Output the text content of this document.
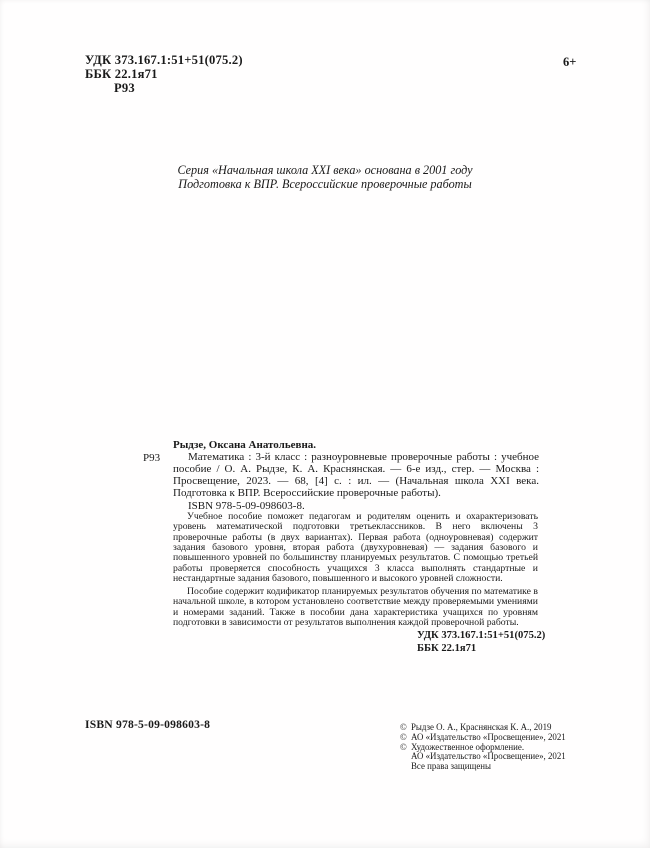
УДК 373.167.1:51+51(075.2)
ББК 22.1я71
Р93
6+
Серия «Начальная школа XXI века» основана в 2001 году
Подготовка к ВПР. Всероссийские проверочные работы
Рыдзе, Оксана Анатольевна.
Р93	Математика : 3-й класс : разноуровневые проверочные работы : учебное пособие / О. А. Рыдзе, К. А. Краснянская. — 6-е изд., стер. — Москва : Просвещение, 2023. — 68, [4] с. : ил. — (Начальная школа XXI века. Подготовка к ВПР. Всероссийские проверочные работы).

ISBN 978-5-09-098603-8.

Учебное пособие поможет педагогам и родителям оценить и охарактеризовать уровень математической подготовки третьеклассников. В него включены 3 проверочные работы (в двух вариантах). Первая работа (одноуровневая) содержит задания базового уровня, вторая работа (двухуровневая) — задания базового и повышенного уровней по большинству планируемых результатов. С помощью третьей работы проверяется способность учащихся 3 класса выполнять стандартные и нестандартные задания базового, повышенного и высокого уровней сложности.

Пособие содержит кодификатор планируемых результатов обучения по математике в начальной школе, в котором установлено соответствие между проверяемыми умениями и номерами заданий. Также в пособии дана характеристика учащихся по уровням подготовки в зависимости от результатов выполнения каждой проверочной работы.

УДК 373.167.1:51+51(075.2)
ББК 22.1я71
ISBN 978-5-09-098603-8	© Рыдзе О. А., Краснянская К. А., 2019
© АО «Издательство «Просвещение», 2021
© Художественное оформление.
АО «Издательство «Просвещение», 2021
Все права защищены
